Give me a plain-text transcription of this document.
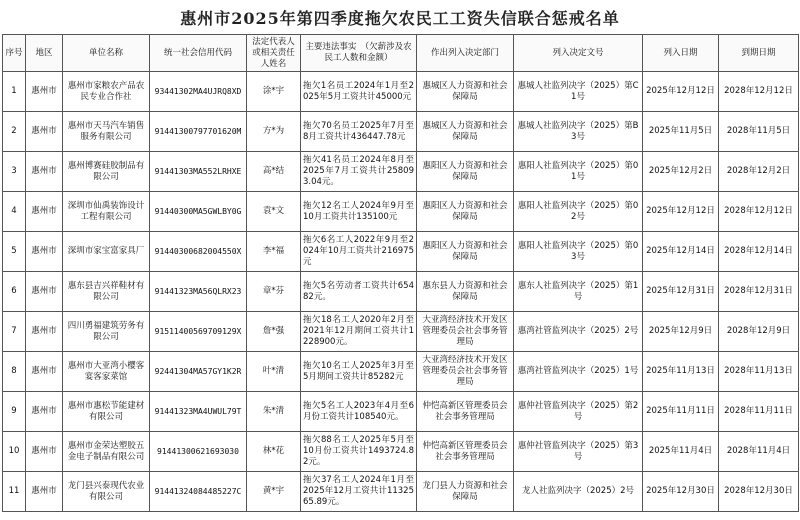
惠州市2025年第四季度拖欠农民工工资失信联合惩戒名单
序号	地区	单位名称	统一社会信用代码	法定代表人或相关责任人姓名	主要违法事实　（欠薪涉及农民工人数和金额）	作出列入决定部门	列入决定文号	列入日期	到期日期
1	惠州市	惠州市家粮农产品农民专业合作社	93441302MA4UJRQ8XD	涂*宇	拖欠1名员工2024年1月至2025年5月工资共计45000元	惠城区人力资源和社会保障局	惠城人社监列决字（2025）第C1号	2025年12月12日	2028年12月12日
2	惠州市	惠州市天马汽车销售服务有限公司	91441300797701620M	方*为	拖欠70名员工2025年7月至8月工资共计436447.78元	惠城区人力资源和社会保障局	惠城人社监列决字（2025）第B3号	2025年11月5日	2028年11月5日
3	惠州市	惠州博赛硅胶制品有限公司	91441303MA552LRHXE	高*结	拖欠41名员工2024年8月至2025年7月工资共计258093.04元。	惠阳区人力资源和社会保障局	惠阳人社监列决字（2025）第01号	2025年12月2日	2028年12月2日
4	惠州市	深圳市仙禹装饰设计工程有限公司	91440300MA5GWLBY0G	袁*文	拖欠12名工人2024年9月至10月工资共计135100元	惠阳区人力资源和社会保障局	惠阳人社监列决字（2025）第02号	2025年12月12日	2028年12月12日
5	惠州市	深圳市家宝富家具厂	91440300682004550X	李*福	拖欠6名工人2022年9月至2024年10月工资共计216975元	惠阳区人力资源和社会保障局	惠阳人社监列决字（2025）第03号	2025年12月14日	2028年12月14日
6	惠州市	惠东县吉兴祥鞋材有限公司	91441323MA56QLRX23	章*芬	拖欠5名劳动者工资共计65482元。	惠东县人力资源和社会保障局	惠东人社监列决字（2025）第1号	2025年12月31日	2028年12月31日
7	惠州市	四川勇福建筑劳务有限公司	91511400569709129X	詹*强	拖欠18名工人2020年2月至2021年12月期间工资共计1228900元。	大亚湾经济技术开发区管理委员会社会事务管理局	惠湾社管监列决字（2025）2号	2025年12月9日	2028年12月9日
8	惠州市	惠州市大亚湾小樱客宴客家菜馆	92441304MA57GY1K2R	叶*清	拖欠10名工人2025年3月至5月期间工资共计85282元	大亚湾经济技术开发区管理委员会社会事务管理局	惠湾社管监列决字（2025）1号	2025年11月13日	2028年11月13日
9	惠州市	惠州市惠松节能建材有限公司	91441323MA4UWUL79T	朱*清	拖欠5名工人2023年4月至6月份工资共计108540元。	仲恺高新区管理委员会社会事务管理局	惠仲社管监列决字（2025）第2号	2025年11月11日	2028年11月11日
10	惠州市	惠州市金荣达塑胶五金电子制品有限公司	91441300621693030	林*花	拖欠88名工人2025年5月至10月份工资共计1493724.82元。	仲恺高新区管理委员会社会事务管理局	惠仲社管监列决字（2025）第3号	2025年11月4日	2028年11月4日
11	惠州市	龙门县兴泰现代农业有限公司	91441324084485227C	黄*宇	拖欠37名工人2024年1月至2025年12月工资共计1132565.89元。	龙门县人力资源和社会保障局	龙人社监列决字（2025）2号	2025年12月30日	2028年12月30日
